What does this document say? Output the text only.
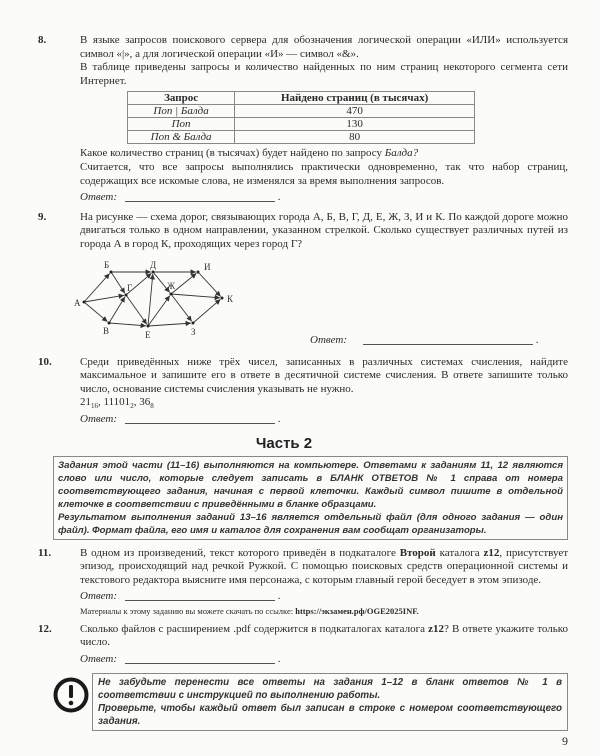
8.	В языке запросов поискового сервера для обозначения логической операции «ИЛИ» используется символ «|», а для логической операции «И» — символ «&».
В таблице приведены запросы и количество найденных по ним страниц некоторого сегмента сети Интернет.
Запрос	Найдено страниц (в тысячах)
Поп | Балда	470
Поп	130
Поп & Балда	80
Какое количество страниц (в тысячах) будет найдено по запросу Балда?
Считается, что все запросы выполнялись практически одновременно, так что набор страниц, содержащих все искомые слова, не изменялся за время выполнения запросов.
Ответ:	.
9.	На рисунке — схема дорог, связывающих города А, Б, В, Г, Д, Е, Ж, З, И и К. По каждой дороге можно двигаться только в одном направлении, указанном стрелкой. Сколько существует различных путей из города А в город К, проходящих через город Г?
А
Б
В
Г
Д
Е
Ж
З
И
К
Ответ:	.
10.	Среди приведённых ниже трёх чисел, записанных в различных системах счисления, найдите максимальное и запишите его в ответе в десятичной системе счисления. В ответе запишите только число, основание системы счисления указывать не нужно.
$21_{16}$, $11101_2$, $36_8$
Ответ:	.
Часть 2
Задания этой части (11–16) выполняются на компьютере. Ответами к заданиям 11, 12 являются слово или число, которые следует записать в БЛАНК ОТВЕТОВ № 1 справа от номера соответствующего задания, начиная с первой клеточки. Каждый символ пишите в отдельной клеточке в соответствии с приведёнными в бланке образцами.
Результатом выполнения заданий 13–16 является отдельный файл (для одного задания — один файл). Формат файла, его имя и каталог для сохранения вам сообщат организаторы.
11.	В одном из произведений, текст которого приведён в подкаталоге Второй каталога z12, присутствует эпизод, происходящий над речкой Ружкой. С помощью поисковых средств операционной системы и текстового редактора выясните имя персонажа, с которым главный герой беседует в этом эпизоде.
Ответ:	.
Материалы к этому заданию вы можете скачать по ссылке: https://экзамен.рф/OGE2025INF.
12.	Сколько файлов с расширением .pdf содержится в подкаталогах каталога z12? В ответе укажите только число.
Ответ:	.
Не забудьте перенести все ответы на задания 1–12 в бланк ответов № 1 в соответствии с инструкцией по выполнению работы.
Проверьте, чтобы каждый ответ был записан в строке с номером соответствующего задания.
9
